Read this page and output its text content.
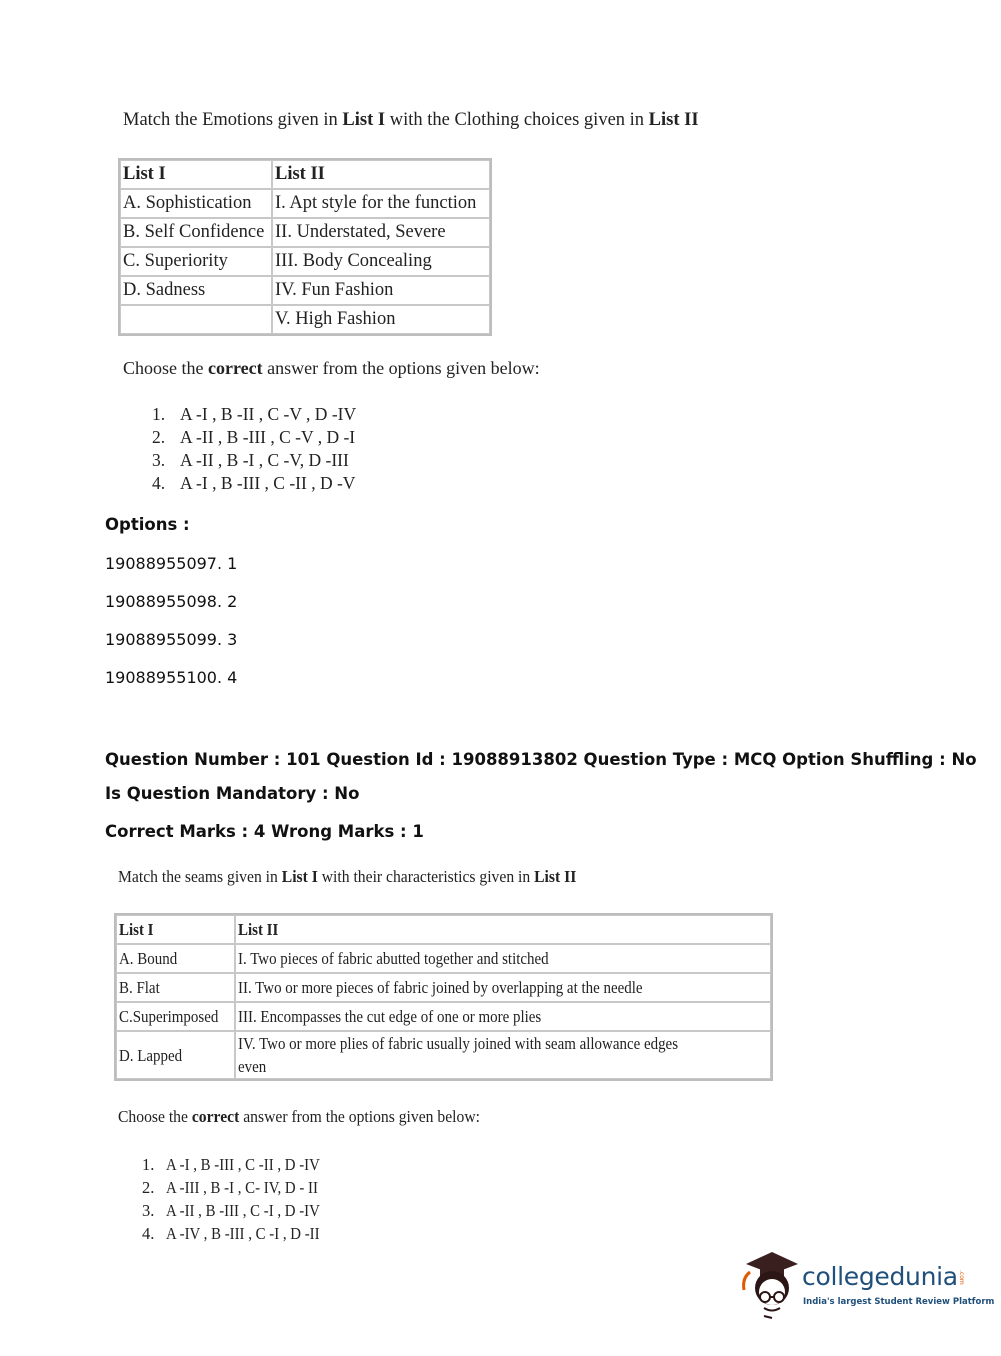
Match the Emotions given in List I with the Clothing choices given in List II
List I	List II
A. Sophistication	I. Apt style for the function
B. Self Confidence	II. Understated, Severe
C. Superiority	III. Body Concealing
D. Sadness	IV. Fun Fashion
	V. High Fashion
Choose the correct answer from the options given below:
1. A -I , B -II , C -V , D -IV
2. A -II , B -III , C -V , D -I
3. A -II , B -I , C -V, D -III
4. A -I , B -III , C -II , D -V
Options :
19088955097. 1
19088955098. 2
19088955099. 3
19088955100. 4
Question Number : 101 Question Id : 19088913802 Question Type : MCQ Option Shuffling : No
Is Question Mandatory : No
Correct Marks : 4 Wrong Marks : 1
Match the seams given in List I with their characteristics given in List II
List I	List II
A. Bound	I. Two pieces of fabric abutted together and stitched
B. Flat	II. Two or more pieces of fabric joined by overlapping at the needle
C.Superimposed	III. Encompasses the cut edge of one or more plies
D. Lapped	IV. Two or more plies of fabric usually joined with seam allowance edges even
Choose the correct answer from the options given below:
1. A -I , B -III , C -II , D -IV
2. A -III , B -I , C- IV, D - II
3. A -II , B -III , C -I , D -IV
4. A -IV , B -III , C -I , D -II
collegedunia .com
India's largest Student Review Platform
